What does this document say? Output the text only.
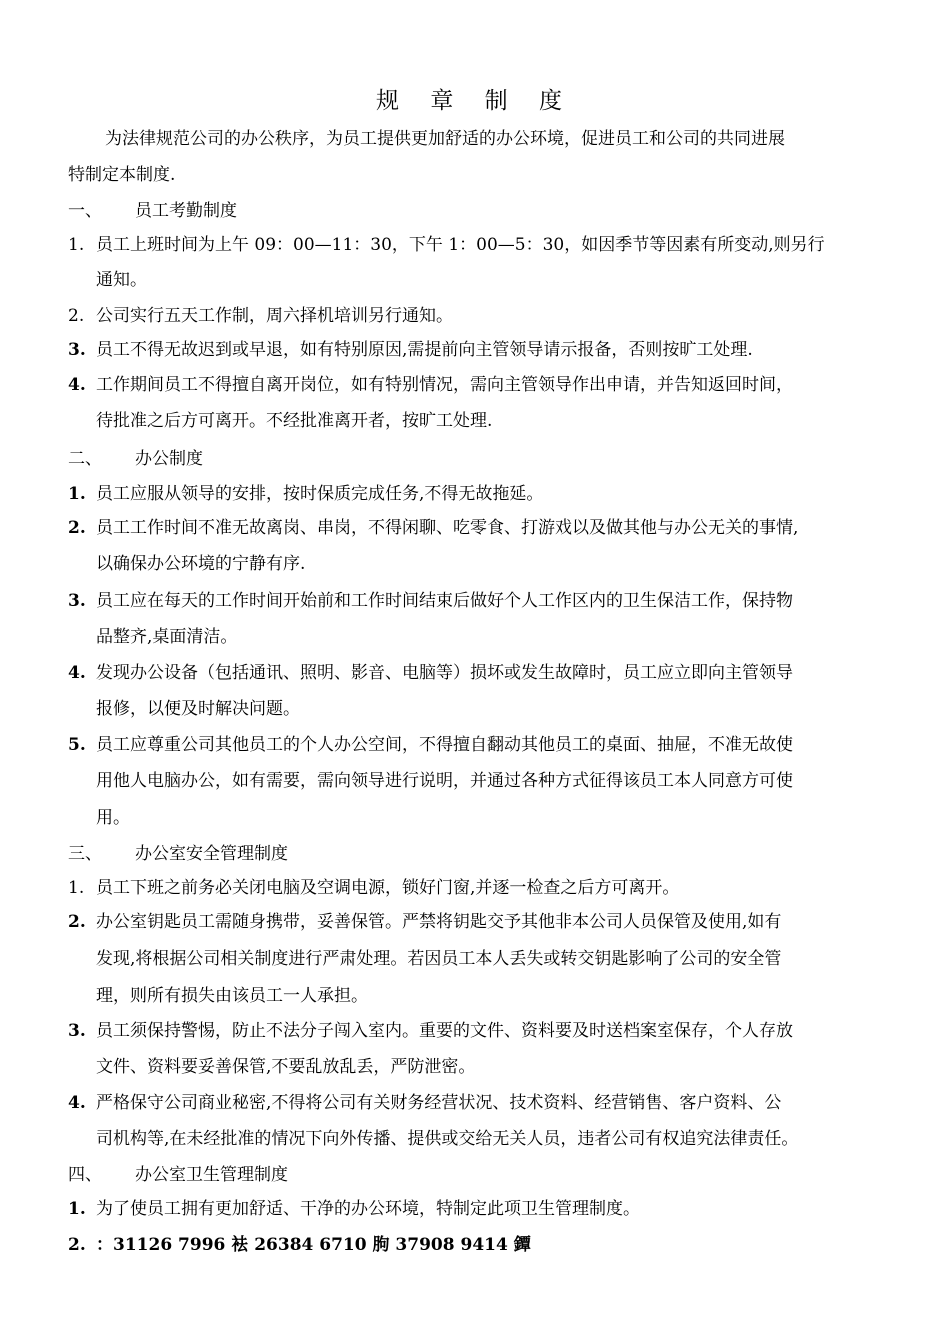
规 章 制 度
为法律规范公司的办公秩序，为员工提供更加舒适的办公环境，促进员工和公司的共同进展
特制定本制度.
一、 员工考勤制度
1. 员工上班时间为上午 09：00—11：30，下午 1：00—5：30，如因季节等因素有所变动,则另行
通知。
2. 公司实行五天工作制，周六择机培训另行通知。
3. 员工不得无故迟到或早退，如有特别原因,需提前向主管领导请示报备，否则按旷工处理.
4. 工作期间员工不得擅自离开岗位，如有特别情况，需向主管领导作出申请，并告知返回时间，
待批准之后方可离开。不经批准离开者，按旷工处理.
二、 办公制度
1. 员工应服从领导的安排，按时保质完成任务,不得无故拖延。
2. 员工工作时间不准无故离岗、串岗，不得闲聊、吃零食、打游戏以及做其他与办公无关的事情,
以确保办公环境的宁静有序.
3. 员工应在每天的工作时间开始前和工作时间结束后做好个人工作区内的卫生保洁工作，保持物
品整齐,桌面清洁。
4. 发现办公设备（包括通讯、照明、影音、电脑等）损坏或发生故障时，员工应立即向主管领导
报修，以便及时解决问题。
5. 员工应尊重公司其他员工的个人办公空间，不得擅自翻动其他员工的桌面、抽屉，不准无故使
用他人电脑办公，如有需要，需向领导进行说明，并通过各种方式征得该员工本人同意方可使
用。
三、 办公室安全管理制度
1. 员工下班之前务必关闭电脑及空调电源，锁好门窗,并逐一检查之后方可离开。
2. 办公室钥匙员工需随身携带，妥善保管。严禁将钥匙交予其他非本公司人员保管及使用,如有
发现,将根据公司相关制度进行严肃处理。若因员工本人丢失或转交钥匙影响了公司的安全管
理，则所有损失由该员工一人承担。
3. 员工须保持警惕，防止不法分子闯入室内。重要的文件、资料要及时送档案室保存，个人存放
文件、资料要妥善保管,不要乱放乱丢，严防泄密。
4. 严格保守公司商业秘密,不得将公司有关财务经营状况、技术资料、经营销售、客户资料、公
司机构等,在未经批准的情况下向外传播、提供或交给无关人员，违者公司有权追究法律责任。
四、 办公室卫生管理制度
1. 为了使员工拥有更加舒适、干净的办公环境，特制定此项卫生管理制度。
2. ：31126 7996 袪 26384 6710 朐 37908 9414 鐔
